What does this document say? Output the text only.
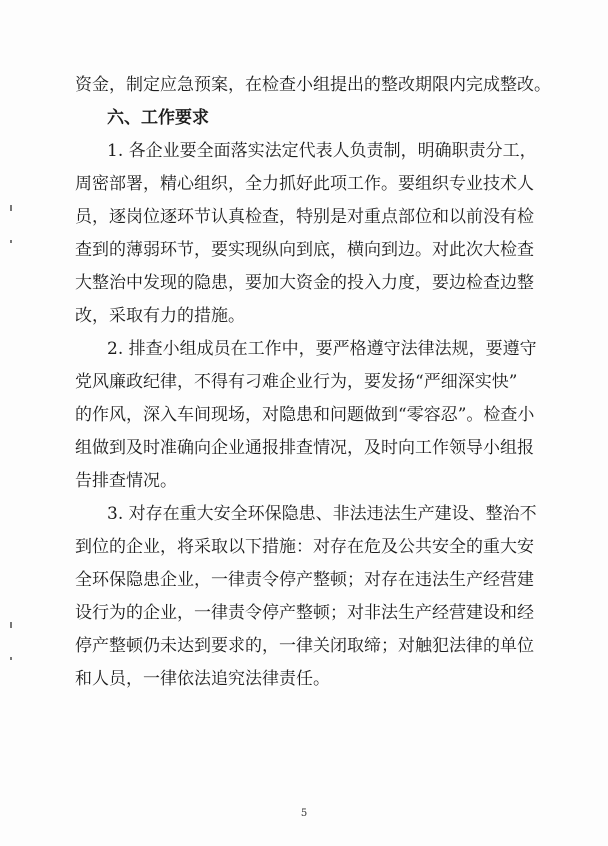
资金，制定应急预案，在检查小组提出的整改期限内完成整改。
六、工作要求
1. 各企业要全面落实法定代表人负责制，明确职责分工，
周密部署，精心组织，全力抓好此项工作。要组织专业技术人
员，逐岗位逐环节认真检查，特别是对重点部位和以前没有检
查到的薄弱环节，要实现纵向到底，横向到边。对此次大检查
大整治中发现的隐患，要加大资金的投入力度，要边检查边整
改，采取有力的措施。
2. 排查小组成员在工作中，要严格遵守法律法规，要遵守
党风廉政纪律，不得有刁难企业行为，要发扬“严细深实快”
的作风，深入车间现场，对隐患和问题做到“零容忍”。检查小
组做到及时准确向企业通报排查情况，及时向工作领导小组报
告排查情况。
3. 对存在重大安全环保隐患、非法违法生产建设、整治不
到位的企业，将采取以下措施：对存在危及公共安全的重大安
全环保隐患企业，一律责令停产整顿；对存在违法生产经营建
设行为的企业，一律责令停产整顿；对非法生产经营建设和经
停产整顿仍未达到要求的，一律关闭取缔；对触犯法律的单位
和人员，一律依法追究法律责任。
5
